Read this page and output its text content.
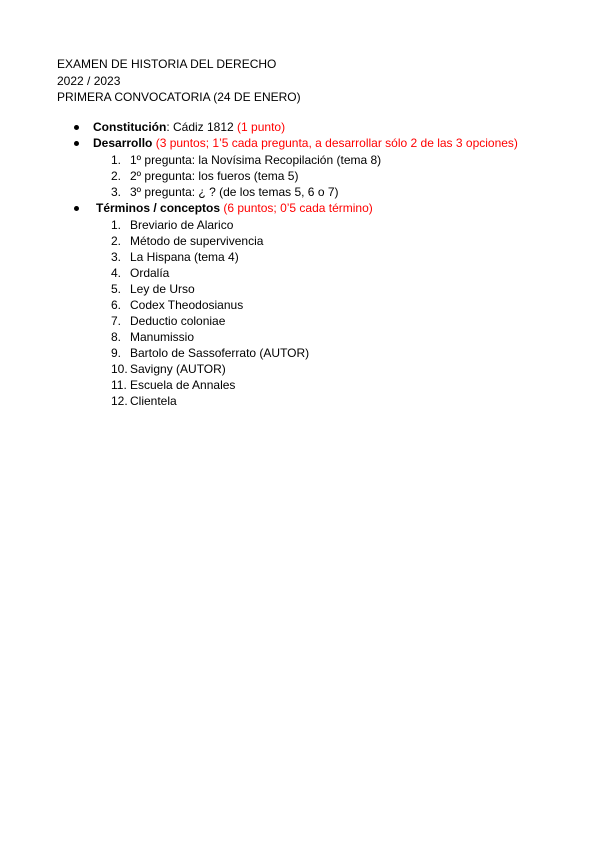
EXAMEN DE HISTORIA DEL DERECHO
2022 / 2023
PRIMERA CONVOCATORIA (24 DE ENERO)
Constitución: Cádiz 1812 (1 punto)
Desarrollo (3 puntos; 1’5 cada pregunta, a desarrollar sólo 2 de las 3 opciones)
1. 1º pregunta: la Novísima Recopilación (tema 8)
2. 2º pregunta: los fueros (tema 5)
3. 3º pregunta: ¿ ? (de los temas 5, 6 o 7)
Términos / conceptos (6 puntos; 0’5 cada término)
1. Breviario de Alarico
2. Método de supervivencia
3. La Hispana (tema 4)
4. Ordalía
5. Ley de Urso
6. Codex Theodosianus
7. Deductio coloniae
8. Manumissio
9. Bartolo de Sassoferrato (AUTOR)
10. Savigny (AUTOR)
11. Escuela de Annales
12. Clientela
